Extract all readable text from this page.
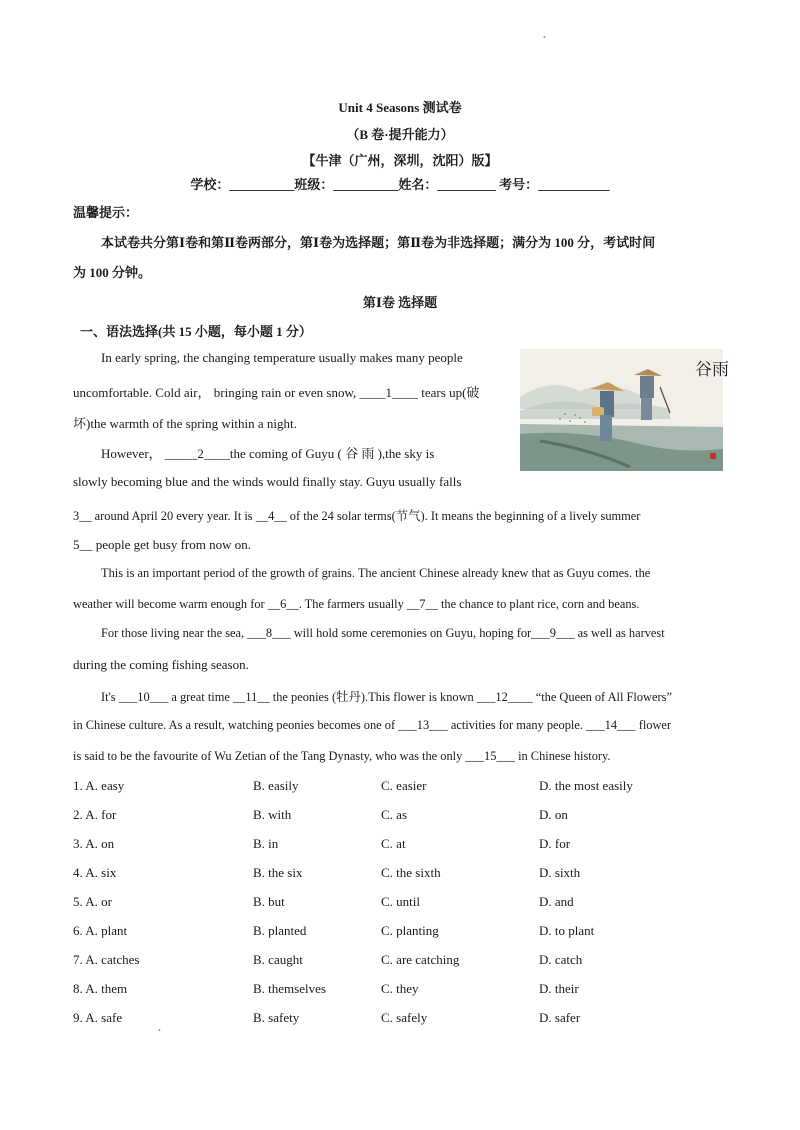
Unit 4 Seasons 测试卷
（B 卷·提升能力）
【牛津（广州，深圳，沈阳）版】
学校：__________班级：__________姓名：_________ 考号：___________
温馨提示：
本试卷共分第Ⅰ卷和第Ⅱ卷两部分，第Ⅰ卷为选择题；第Ⅱ卷为非选择题；满分为 100 分，考试时间
为 100 分钟。
第Ⅰ卷 选择题
一、语法选择(共 15 小题，每小题 1 分）
In early spring, the changing temperature usually makes many people
uncomfortable. Cold air， bringing rain or even snow, ____1____ tears up(破
坏)the warmth of the spring within a night.
However， _____2____the coming of Guyu ( 谷 雨 ),the sky is
slowly becoming blue and the winds would finally stay. Guyu usually falls
3__ around April 20 every year. It is __4__ of the 24 solar terms(节气). It means the beginning of a lively summer
5__ people get busy from now on.
This is an important period of the growth of grains. The ancient Chinese already knew that as Guyu comes. the
weather will become warm enough for __6__. The farmers usually __7__ the chance to plant rice, corn and beans.
For those living near the sea, ___8___ will hold some ceremonies on Guyu, hoping for___9___ as well as harvest
during the coming fishing season.
It's ___10___ a great time __11__ the peonies (牡丹).This flower is known ___12____ “the Queen of All Flowers”
in Chinese culture. As a result, watching peonies becomes one of ___13___ activities for many people. ___14___ flower
is said to be the favourite of Wu Zetian of the Tang Dynasty, who was the only ___15___ in Chinese history.
谷雨
1. A. easy	B. easily	C. easier	D. the most easily
2. A. for	B. with	C. as	D. on
3. A. on	B. in	C. at	D. for
4. A. six	B. the six	C. the sixth	D. sixth
5. A. or	B. but	C. until	D. and
6. A. plant	B. planted	C. planting	D. to plant
7. A. catches	B. caught	C. are catching	D. catch
8. A. them	B. themselves	C. they	D. their
9. A. safe	B. safety	C. safely	D. safer
•
•
